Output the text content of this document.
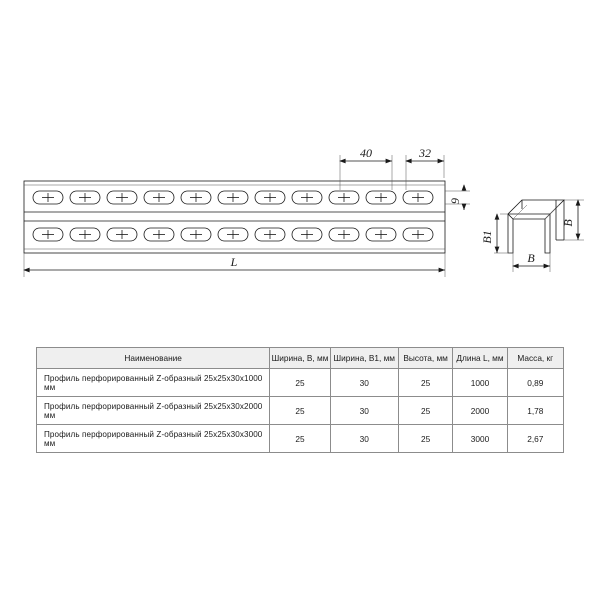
40	32
9
L
B1
B
B
Наименование	Ширина, B, мм	Ширина, B1, мм	Высота, мм	Длина L, мм	Масса, кг
Профиль перфорированный Z-образный 25x25x30x1000 мм	25	30	25	1000	0,89
Профиль перфорированный Z-образный 25x25x30x2000 мм	25	30	25	2000	1,78
Профиль перфорированный Z-образный 25x25x30x3000 мм	25	30	25	3000	2,67
